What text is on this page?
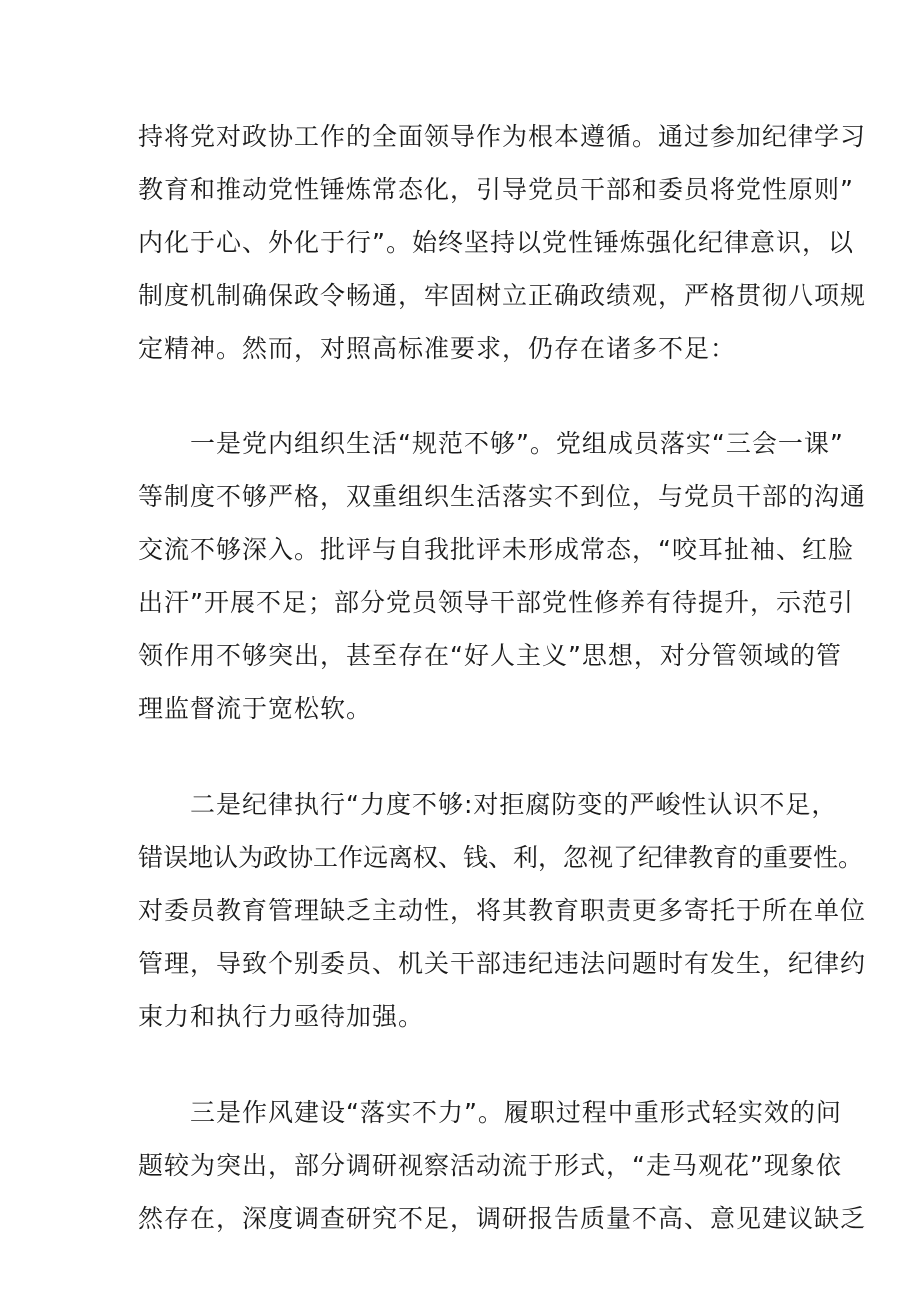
持将党对政协工作的全面领导作为根本遵循。通过参加纪律学习
教育和推动党性锤炼常态化，引导党员干部和委员将党性原则”
内化于心、外化于行”。始终坚持以党性锤炼强化纪律意识，以
制度机制确保政令畅通，牢固树立正确政绩观，严格贯彻八项规
定精神。然而，对照高标准要求，仍存在诸多不足：
一是党内组织生活“规范不够”。党组成员落实“三会一课”
等制度不够严格，双重组织生活落实不到位，与党员干部的沟通
交流不够深入。批评与自我批评未形成常态，“咬耳扯袖、红脸
出汗”开展不足；部分党员领导干部党性修养有待提升，示范引
领作用不够突出，甚至存在“好人主义”思想，对分管领域的管
理监督流于宽松软。
二是纪律执行“力度不够:对拒腐防变的严峻性认识不足，
错误地认为政协工作远离权、钱、利，忽视了纪律教育的重要性。
对委员教育管理缺乏主动性，将其教育职责更多寄托于所在单位
管理，导致个别委员、机关干部违纪违法问题时有发生，纪律约
束力和执行力亟待加强。
三是作风建设“落实不力”。履职过程中重形式轻实效的问
题较为突出，部分调研视察活动流于形式，“走马观花”现象依
然存在，深度调查研究不足，调研报告质量不高、意见建议缺乏
